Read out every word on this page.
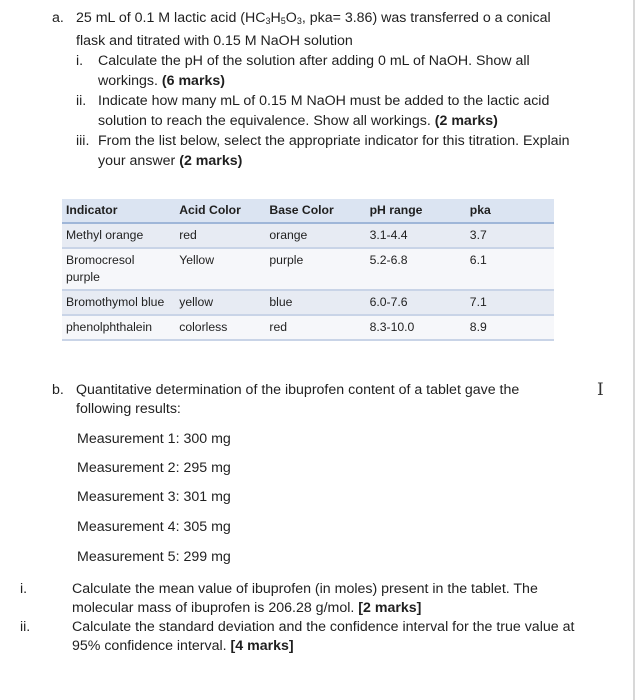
a. 25 mL of 0.1 M lactic acid ($HC_3H_5O_3$, pka= 3.86) was transferred o a conical flask and titrated with 0.15 M NaOH solution
i.	Calculate the pH of the solution after adding 0 mL of NaOH. Show all workings. (6 marks)
ii. Indicate how many mL of 0.15 M NaOH must be added to the lactic acid solution to reach the equivalence. Show all workings. (2 marks)
iii. From the list below, select the appropriate indicator for this titration. Explain your answer (2 marks)
Indicator	Acid Color	Base Color	pH range	pka
Methyl orange	red	orange	3.1-4.4	3.7
Bromocresol purple	Yellow	purple	5.2-6.8	6.1
Bromothymol blue	yellow	blue	6.0-7.6	7.1
phenolphthalein	colorless	red	8.3-10.0	8.9
b. Quantitative determination of the ibuprofen content of a tablet gave the following results:
I
Measurement 1: 300 mg
Measurement 2: 295 mg
Measurement 3: 301 mg
Measurement 4: 305 mg
Measurement 5: 299 mg
i.	Calculate the mean value of ibuprofen (in moles) present in the tablet. The molecular mass of ibuprofen is 206.28 g/mol. [2 marks]
ii.	Calculate the standard deviation and the confidence interval for the true value at 95% confidence interval. [4 marks]
